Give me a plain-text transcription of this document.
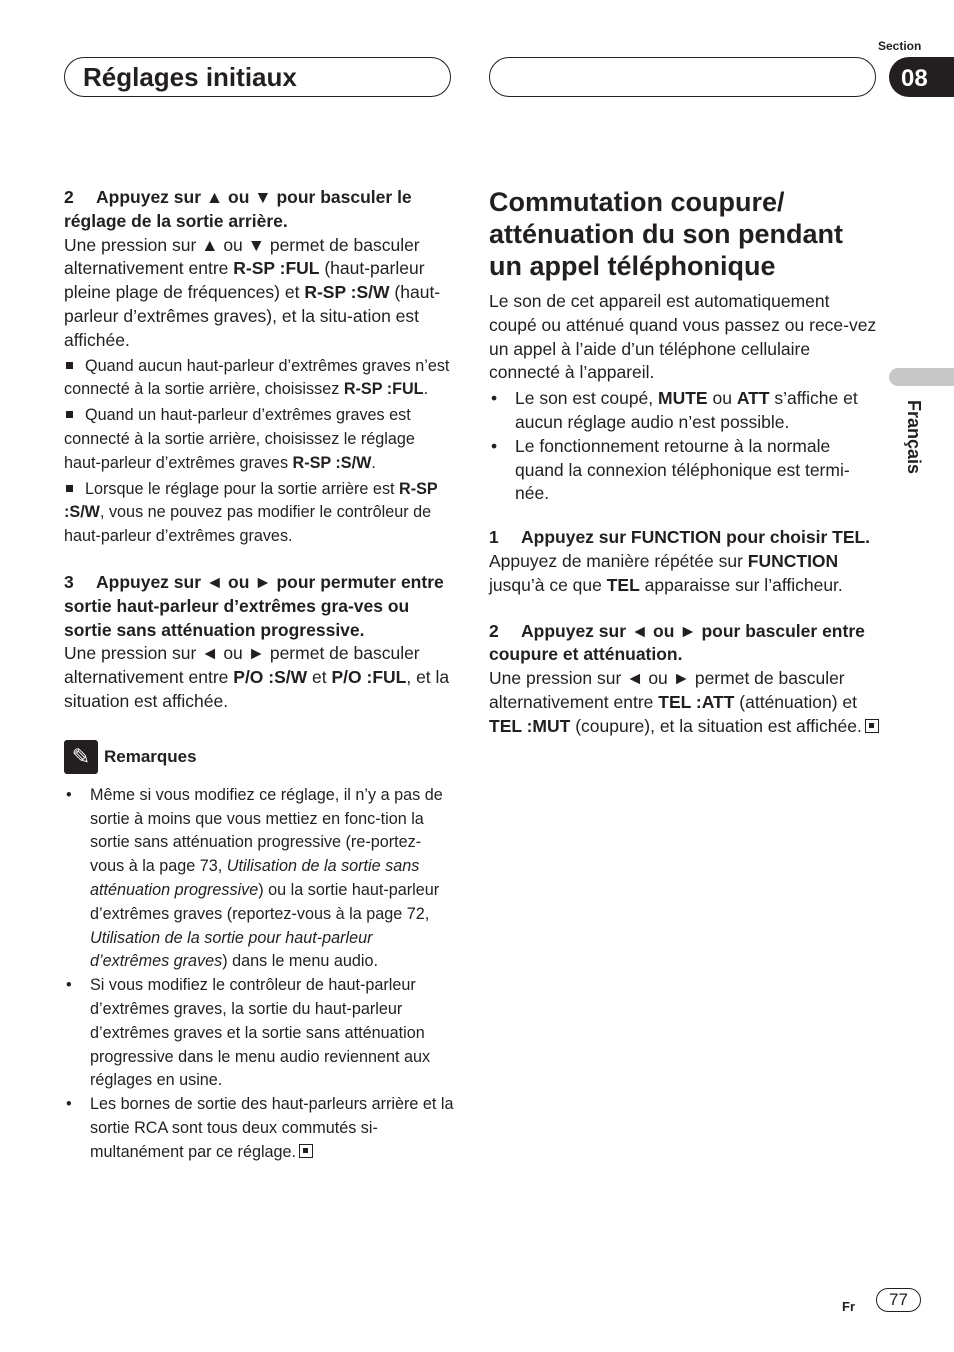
Section
08
Réglages initiaux
Français
2 Appuyez sur ▲ ou ▼ pour basculer le réglage de la sortie arrière.

Une pression sur ▲ ou ▼ permet de basculer alternativement entre R-SP :FUL (haut-parleur pleine plage de fréquences) et R-SP :S/W (haut-parleur d’extrêmes graves), et la situ-ation est affichée.

Quand aucun haut-parleur d’extrêmes graves n’est connecté à la sortie arrière, choisissez R-SP :FUL.

Quand un haut-parleur d’extrêmes graves est connecté à la sortie arrière, choisissez le réglage haut-parleur d’extrêmes graves R-SP :S/W.

Lorsque le réglage pour la sortie arrière est R-SP :S/W, vous ne pouvez pas modifier le contrôleur de haut-parleur d’extrêmes graves.

3 Appuyez sur ◄ ou ► pour permuter entre sortie haut-parleur d’extrêmes gra-ves ou sortie sans atténuation progressive.

Une pression sur ◄ ou ► permet de basculer alternativement entre P/O :S/W et P/O :FUL, et la situation est affichée.

✎ Remarques
• Même si vous modifiez ce réglage, il n’y a pas de sortie à moins que vous mettiez en fonc-tion la sortie sans atténuation progressive (re-portez-vous à la page 73, Utilisation de la sortie sans atténuation progressive) ou la sortie haut-parleur d’extrêmes graves (reportez-vous à la page 72, Utilisation de la sortie pour haut-parleur d’extrêmes graves) dans le menu audio.
• Si vous modifiez le contrôleur de haut-parleur d’extrêmes graves, la sortie du haut-parleur d’extrêmes graves et la sortie sans atténuation progressive dans le menu audio reviennent aux réglages en usine.
• Les bornes de sortie des haut-parleurs arrière et la sortie RCA sont tous deux commutés si-multanément par ce réglage.
Commutation coupure/ atténuation du son pendant un appel téléphonique

Le son de cet appareil est automatiquement coupé ou atténué quand vous passez ou rece-vez un appel à l’aide d’un téléphone cellulaire connecté à l’appareil.

• Le son est coupé, MUTE ou ATT s’affiche et aucun réglage audio n’est possible.
• Le fonctionnement retourne à la normale quand la connexion téléphonique est termi-née.
1 Appuyez sur FUNCTION pour choisir TEL.

Appuyez de manière répétée sur FUNCTION jusqu’à ce que TEL apparaisse sur l’afficheur.

2 Appuyez sur ◄ ou ► pour basculer entre coupure et atténuation.

Une pression sur ◄ ou ► permet de basculer alternativement entre TEL :ATT (atténuation) et TEL :MUT (coupure), et la situation est affichée.

Fr	77
